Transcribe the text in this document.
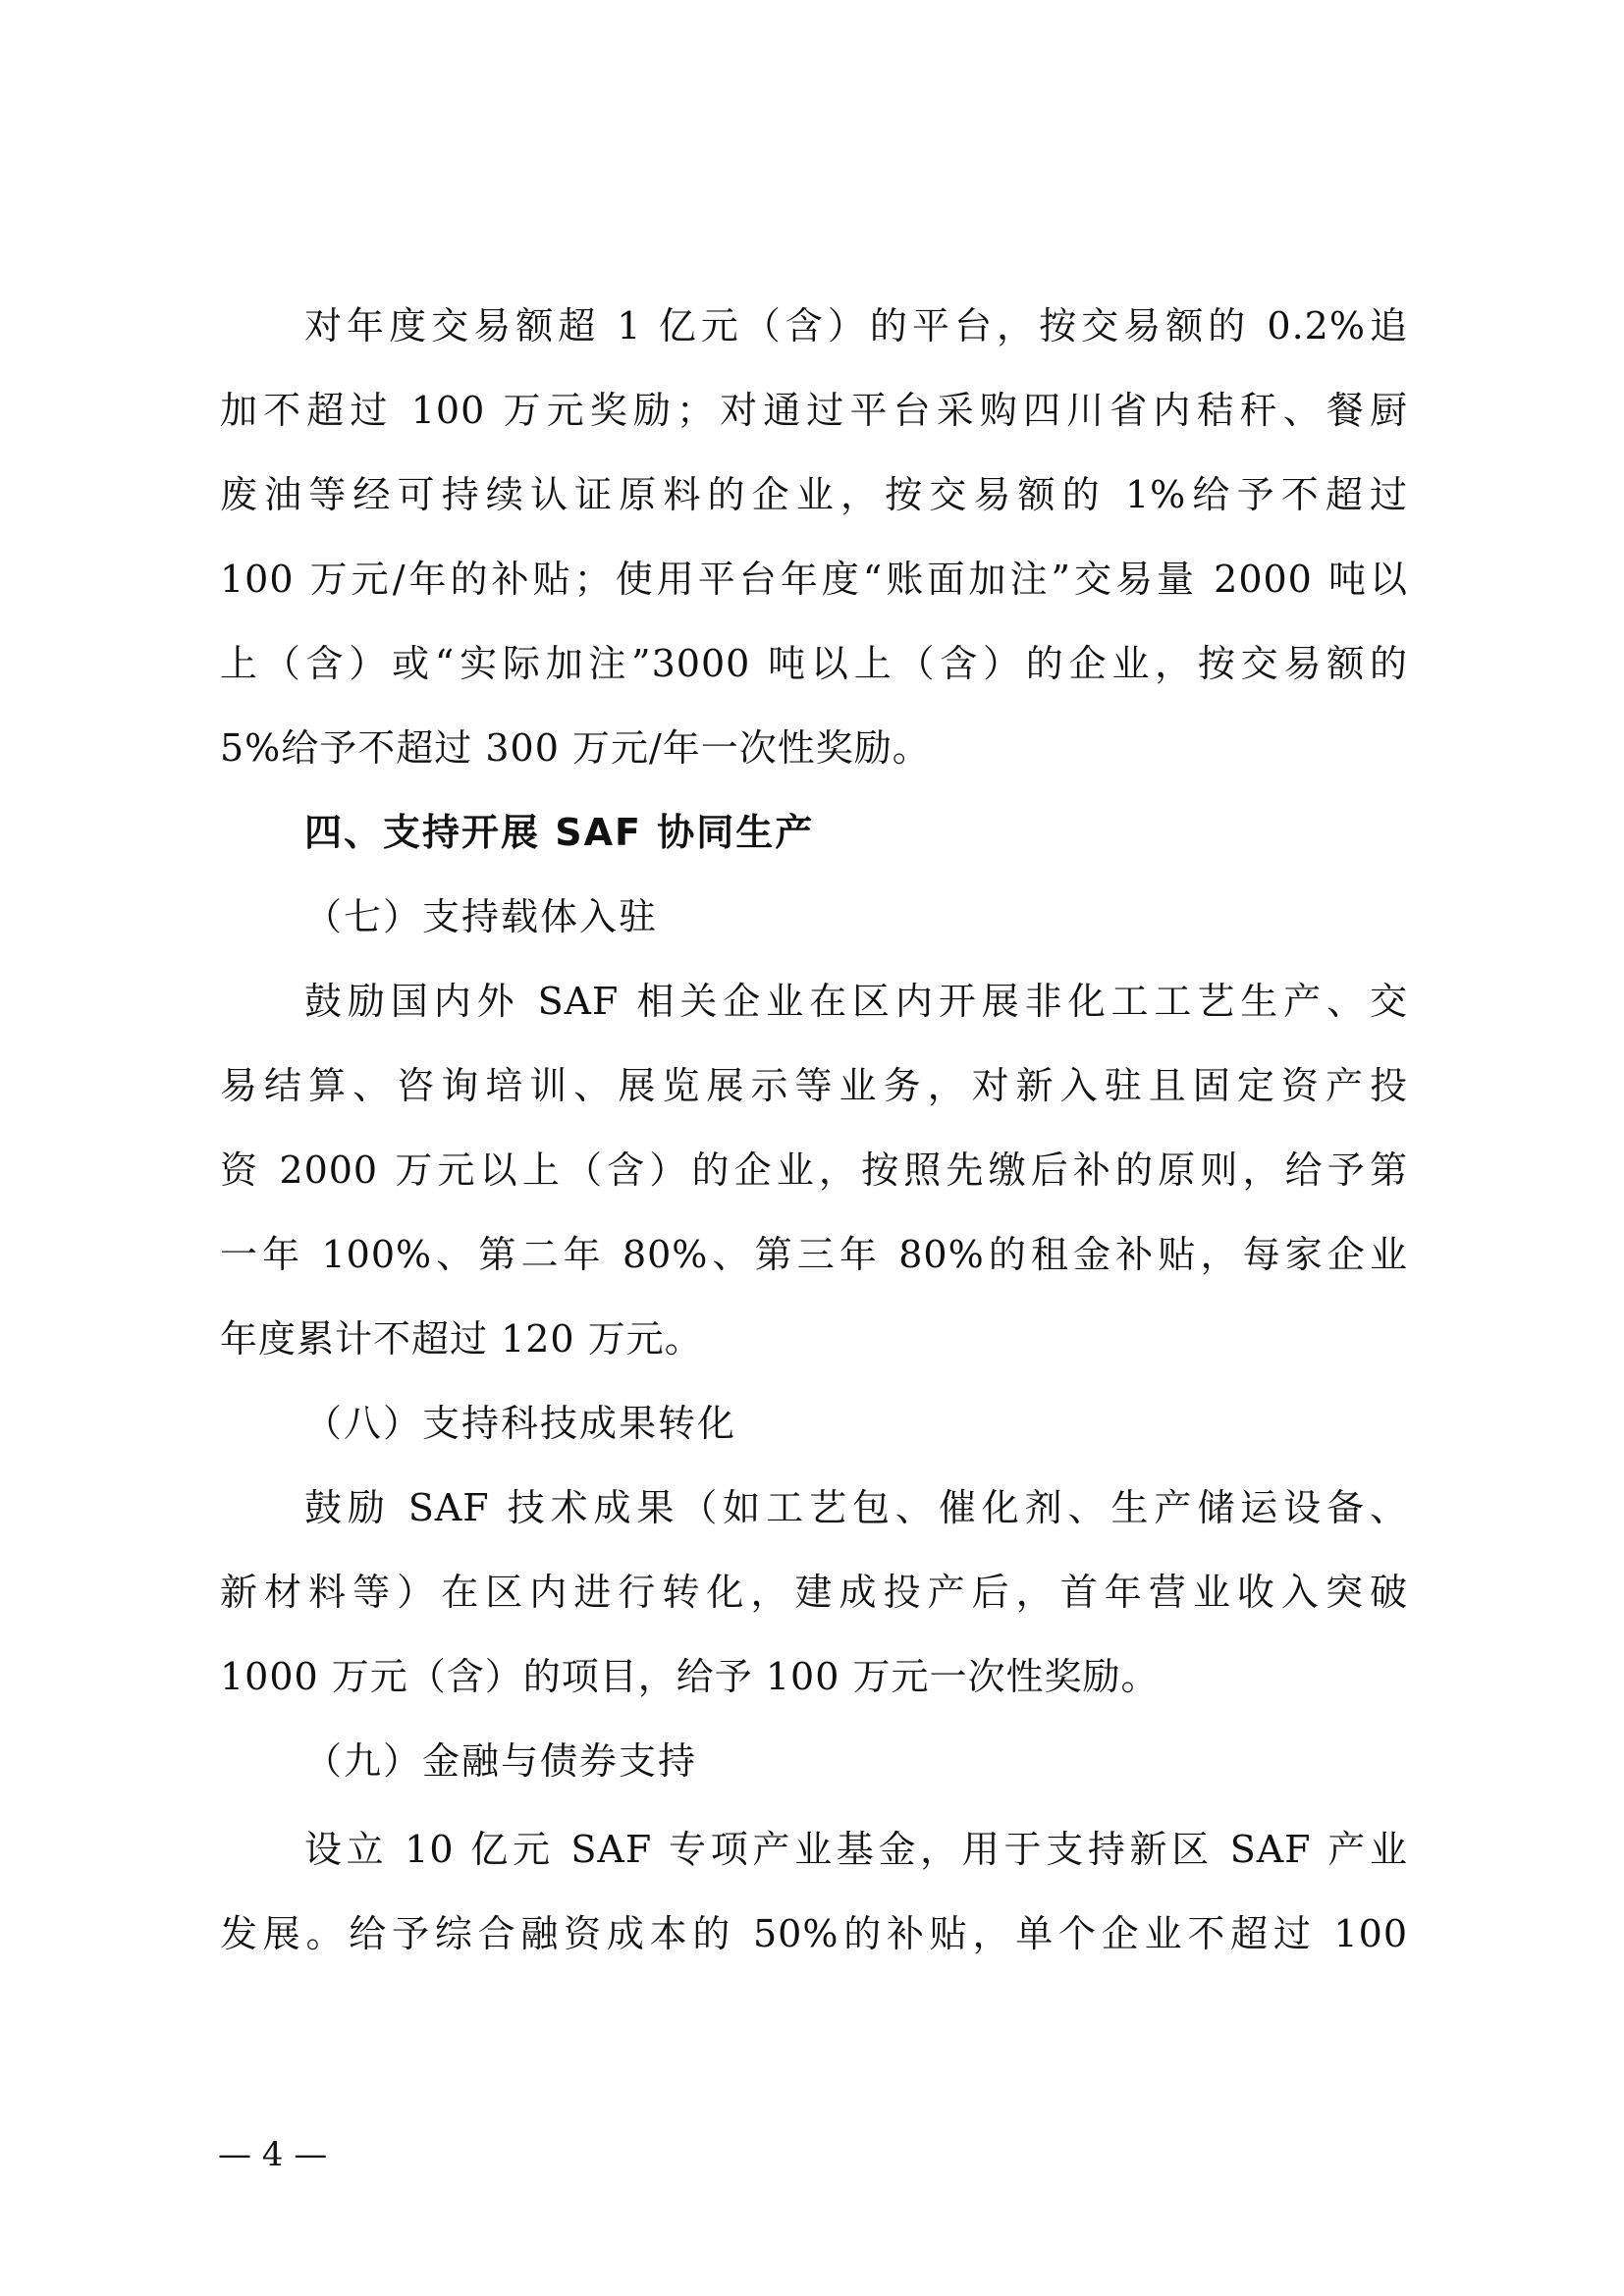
对年度交易额超 1 亿元（含）的平台，按交易额的 0.2%追
加不超过 100 万元奖励；对通过平台采购四川省内秸秆、餐厨
废油等经可持续认证原料的企业，按交易额的 1%给予不超过
100 万元/年的补贴；使用平台年度“账面加注”交易量 2000 吨以
上（含）或“实际加注”3000 吨以上（含）的企业，按交易额的
5%给予不超过 300 万元/年一次性奖励。
四、支持开展 SAF 协同生产
（七）支持载体入驻
鼓励国内外 SAF 相关企业在区内开展非化工工艺生产、交
易结算、咨询培训、展览展示等业务，对新入驻且固定资产投
资 2000 万元以上（含）的企业，按照先缴后补的原则，给予第
一年 100%、第二年 80%、第三年 80%的租金补贴，每家企业
年度累计不超过 120 万元。
（八）支持科技成果转化
鼓励 SAF 技术成果（如工艺包、催化剂、生产储运设备、
新材料等）在区内进行转化，建成投产后，首年营业收入突破
1000 万元（含）的项目，给予 100 万元一次性奖励。
（九）金融与债券支持
设立 10 亿元 SAF 专项产业基金，用于支持新区 SAF 产业
发展。给予综合融资成本的 50%的补贴，单个企业不超过 100
— 4 —
